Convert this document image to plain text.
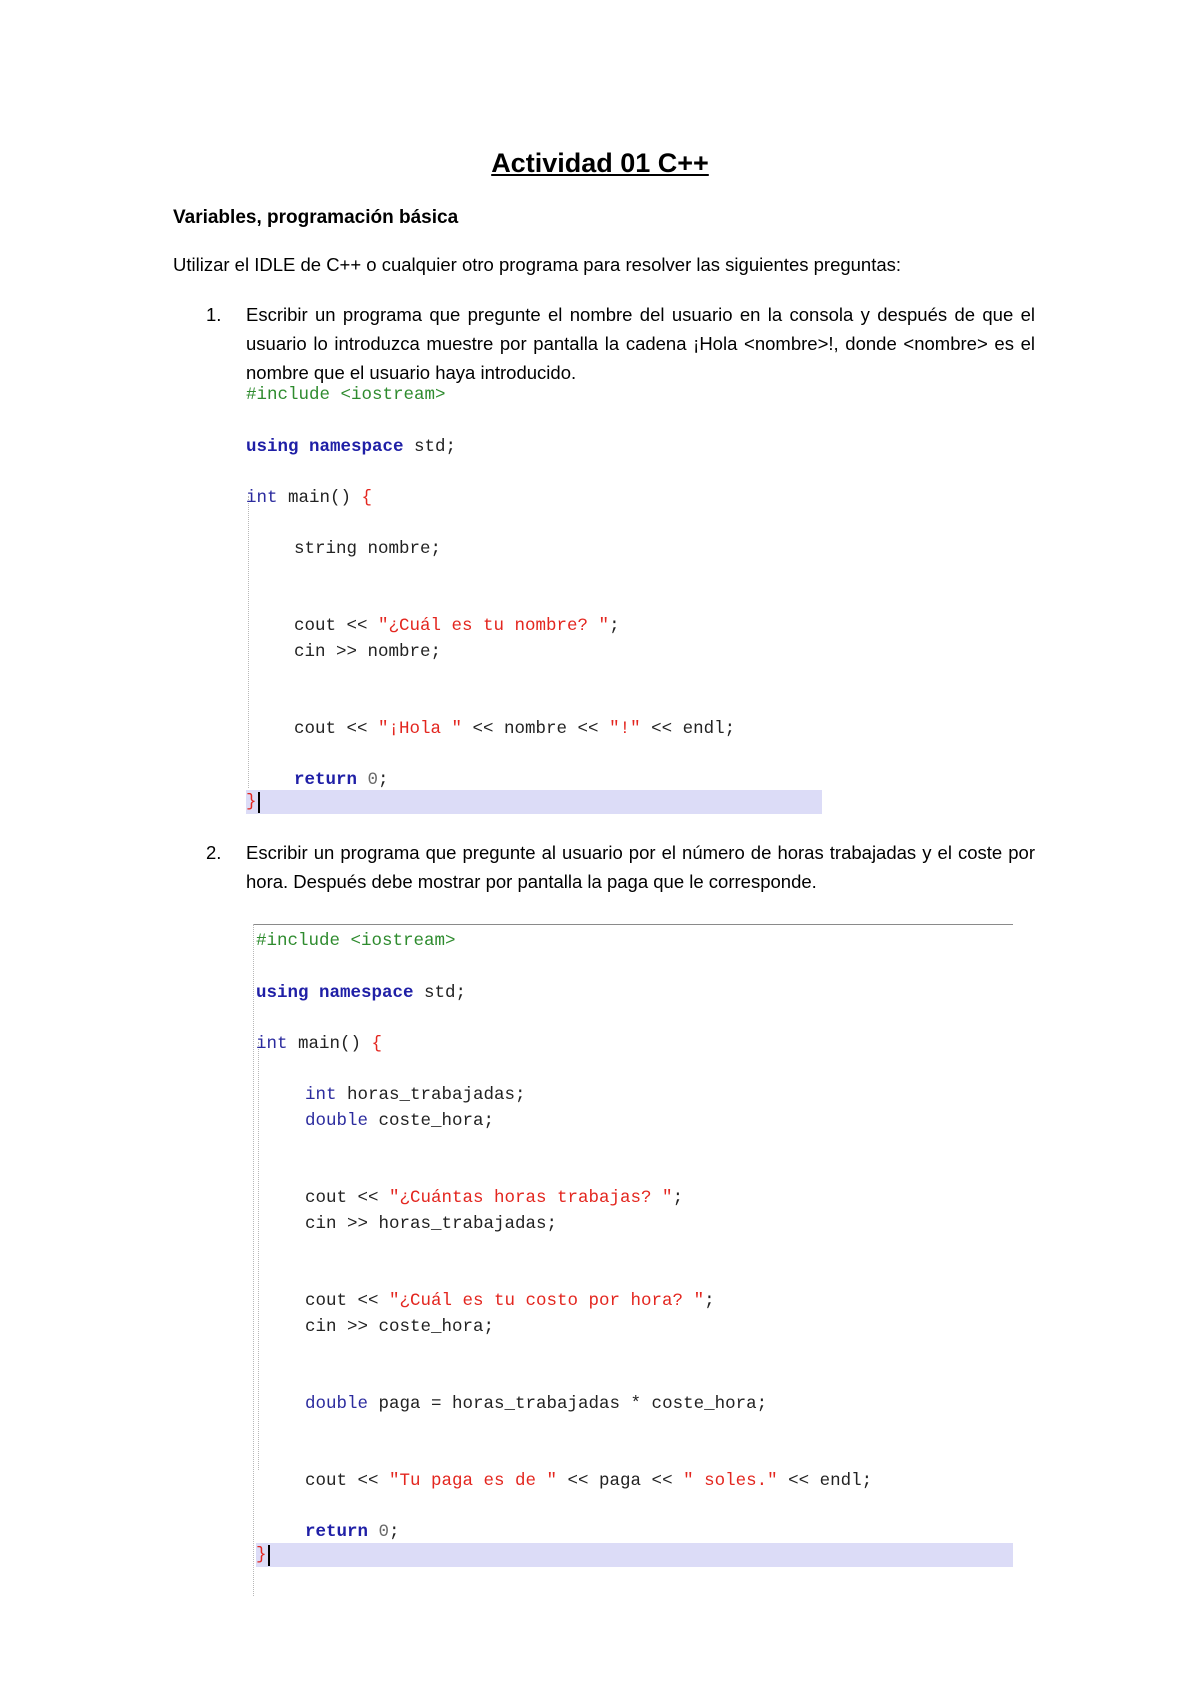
Actividad 01 C++
Variables, programación básica
Utilizar el IDLE de C++ o cualquier otro programa para resolver las siguientes preguntas:
1. Escribir un programa que pregunte el nombre del usuario en la consola y después de que el usuario lo introduzca muestre por pantalla la cadena ¡Hola <nombre>!, donde <nombre> es el nombre que el usuario haya introducido.
#include <iostream>
using namespace std;
int main() {
string nombre;
cout << "¿Cuál es tu nombre? ";
cin >> nombre;
cout << "¡Hola " << nombre << "!" << endl;
return 0;
}
2. Escribir un programa que pregunte al usuario por el número de horas trabajadas y el coste por hora. Después debe mostrar por pantalla la paga que le corresponde.
#include <iostream>
using namespace std;
int main() {
int horas_trabajadas;
double coste_hora;
cout << "¿Cuántas horas trabajas? ";
cin >> horas_trabajadas;
cout << "¿Cuál es tu costo por hora? ";
cin >> coste_hora;
double paga = horas_trabajadas * coste_hora;
cout << "Tu paga es de " << paga << " soles." << endl;
return 0;
}
